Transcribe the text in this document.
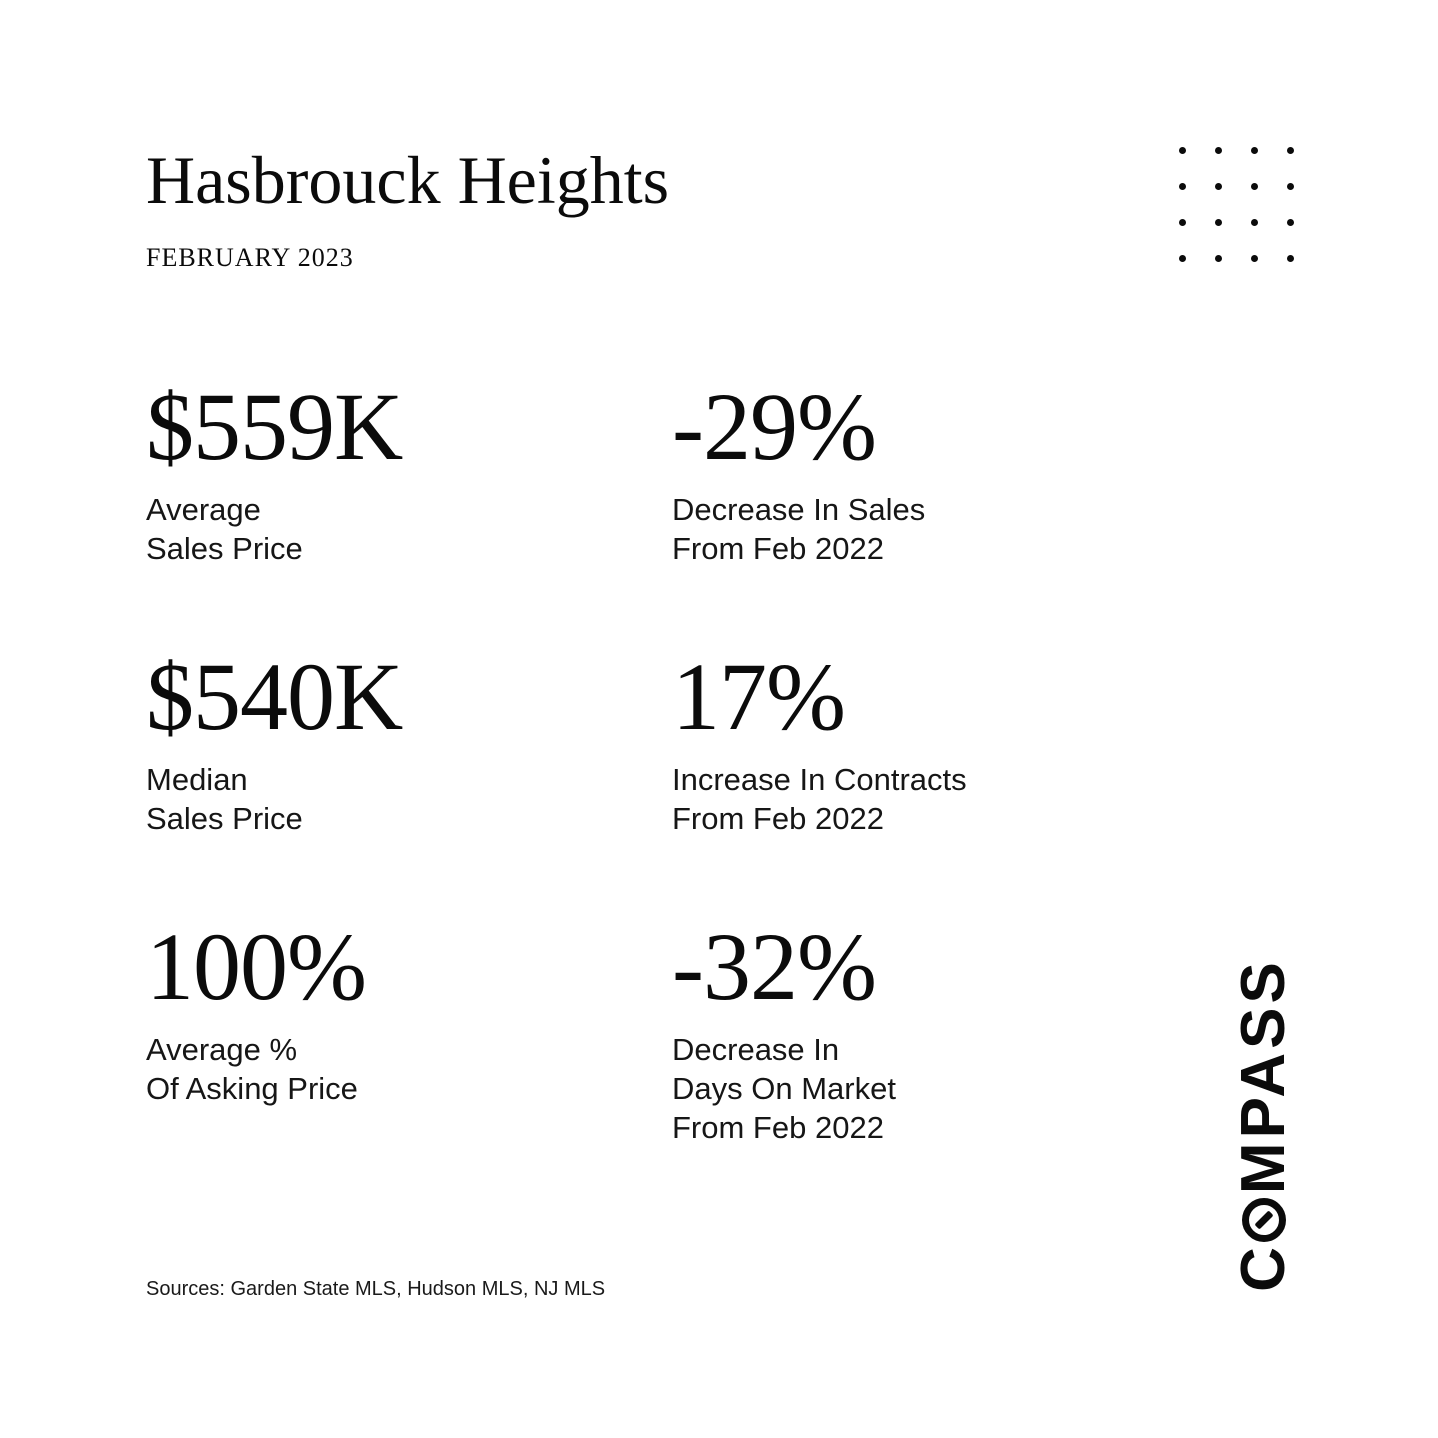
Hasbrouck Heights
FEBRUARY 2023
$559K
Average
Sales Price
-29%
Decrease In Sales
From Feb 2022
$540K
Median
Sales Price
17%
Increase In Contracts
From Feb 2022
100%
Average %
Of Asking Price
-32%
Decrease In
Days On Market
From Feb 2022
Sources: Garden State MLS, Hudson MLS, NJ MLS	C
MPASS
